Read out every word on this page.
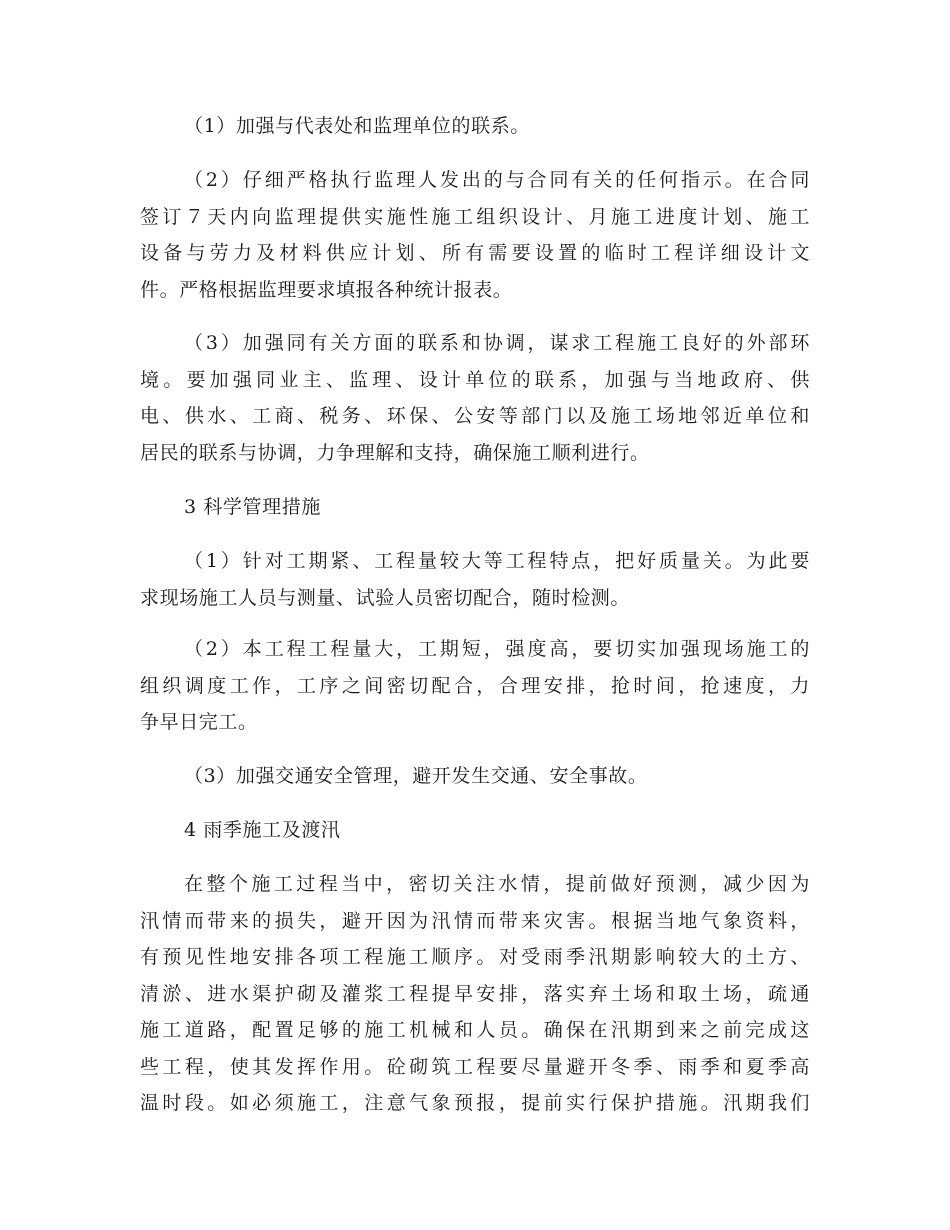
（1）加强与代表处和监理单位的联系。
（2）仔细严格执行监理人发出的与合同有关的任何指示。在合同
签订７天内向监理提供实施性施工组织设计、月施工进度计划、施工
设备与劳力及材料供应计划、所有需要设置的临时工程详细设计文
件。严格根据监理要求填报各种统计报表。
（3）加强同有关方面的联系和协调，谋求工程施工良好的外部环
境。要加强同业主、监理、设计单位的联系，加强与当地政府、供
电、供水、工商、税务、环保、公安等部门以及施工场地邻近单位和
居民的联系与协调，力争理解和支持，确保施工顺利进行。
3 科学管理措施
（1）针对工期紧、工程量较大等工程特点，把好质量关。为此要
求现场施工人员与测量、试验人员密切配合，随时检测。
（2）本工程工程量大，工期短，强度高，要切实加强现场施工的
组织调度工作，工序之间密切配合，合理安排，抢时间，抢速度，力
争早日完工。
（3）加强交通安全管理，避开发生交通、安全事故。
4 雨季施工及渡汛
在整个施工过程当中，密切关注水情，提前做好预测，减少因为
汛情而带来的损失，避开因为汛情而带来灾害。根据当地气象资料，
有预见性地安排各项工程施工顺序。对受雨季汛期影响较大的土方、
清淤、进水渠护砌及灌浆工程提早安排，落实弃土场和取土场，疏通
施工道路，配置足够的施工机械和人员。确保在汛期到来之前完成这
些工程，使其发挥作用。砼砌筑工程要尽量避开冬季、雨季和夏季高
温时段。如必须施工，注意气象预报，提前实行保护措施。汛期我们
